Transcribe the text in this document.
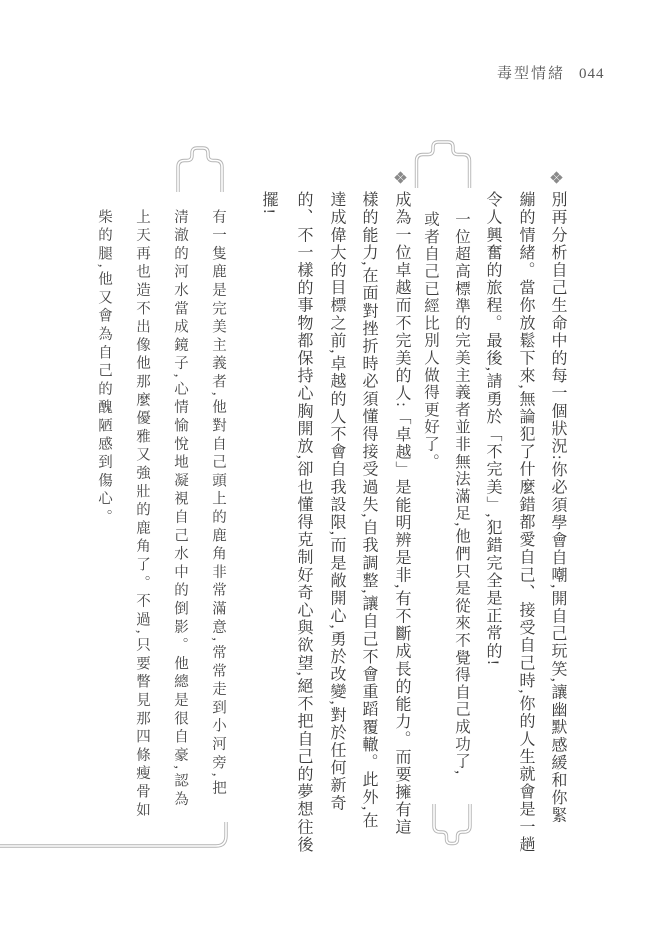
毒型情緒 044
別再分析自己生命中的每一個狀況:你必須學會自嘲,開自己玩笑,讓幽默感緩和你緊
繃的情緒。當你放鬆下來,無論犯了什麼錯都愛自己、接受自己時,你的人生就會是一趟
令人興奮的旅程。最後,請勇於「不完美」,犯錯完全是正常的!
一位超高標準的完美主義者並非無法滿足,他們只是從來不覺得自己成功了,
或者自己已經比別人做得更好了。
成為一位卓越而不完美的人:「卓越」是能明辨是非,有不斷成長的能力。而要擁有這
樣的能力,在面對挫折時必須懂得接受過失,自我調整,讓自己不會重蹈覆轍。此外,在
達成偉大的目標之前,卓越的人不會自我設限,而是敞開心,勇於改變,對於任何新奇
的、不一樣的事物都保持心胸開放,卻也懂得克制好奇心與欲望,絕不把自己的夢想往後
擺!
有一隻鹿是完美主義者,他對自己頭上的鹿角非常滿意,常常走到小河旁,把
清澈的河水當成鏡子,心情愉悅地凝視自己水中的倒影。他總是很自豪,認為
上天再也造不出像他那麼優雅又強壯的鹿角了。不過,只要瞥見那四條瘦骨如
柴的腿,他又會為自己的醜陋感到傷心。
